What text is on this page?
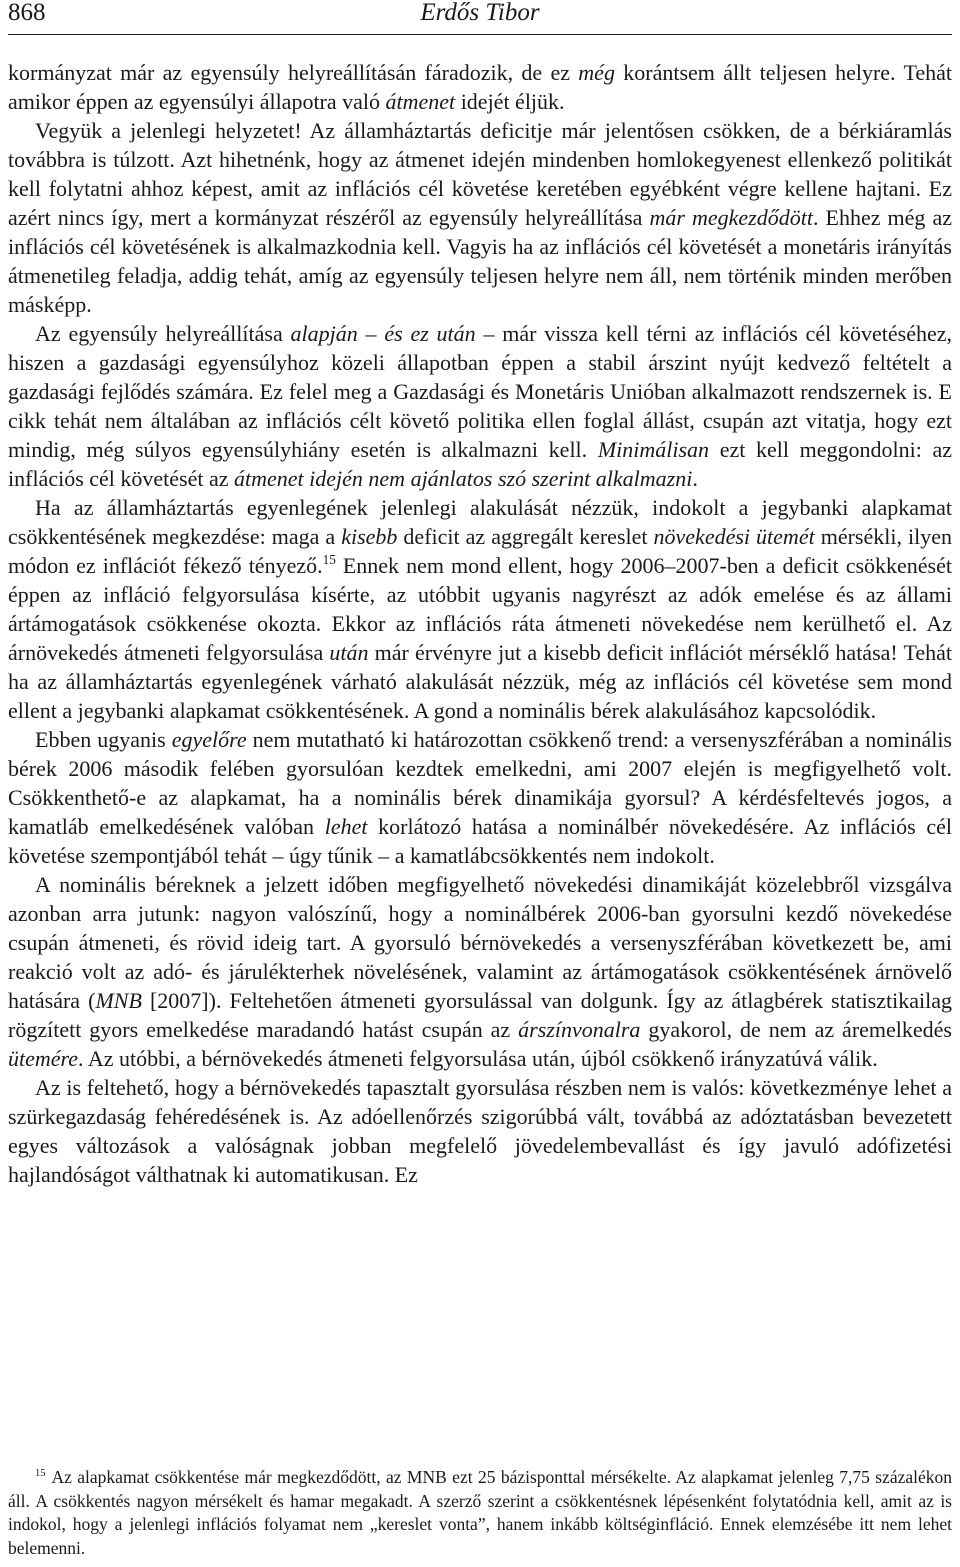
868	Erdős Tibor

kormányzat már az egyensúly helyreállításán fáradozik, de ez még korántsem állt teljesen helyre. Tehát amikor éppen az egyensúlyi állapotra való átmenet idejét éljük.

Vegyük a jelenlegi helyzetet! Az államháztartás deficitje már jelentősen csökken, de a bérkiáramlás továbbra is túlzott. Azt hihetnénk, hogy az átmenet idején mindenben homlokegyenest ellenkező politikát kell folytatni ahhoz képest, amit az inflációs cél követése keretében egyébként végre kellene hajtani. Ez azért nincs így, mert a kormányzat részéről az egyensúly helyreállítása már megkezdődött. Ehhez még az inflációs cél követésének is alkalmazkodnia kell. Vagyis ha az inflációs cél követését a monetáris irányítás átmenetileg feladja, addig tehát, amíg az egyensúly teljesen helyre nem áll, nem történik minden merőben másképp.

Az egyensúly helyreállítása alapján – és ez után – már vissza kell térni az inflációs cél követéséhez, hiszen a gazdasági egyensúlyhoz közeli állapotban éppen a stabil árszint nyújt kedvező feltételt a gazdasági fejlődés számára. Ez felel meg a Gazdasági és Monetáris Unióban alkalmazott rendszernek is. E cikk tehát nem általában az inflációs célt követő politika ellen foglal állást, csupán azt vitatja, hogy ezt mindig, még súlyos egyensúlyhiány esetén is alkalmazni kell. Minimálisan ezt kell meggondolni: az inflációs cél követését az átmenet idején nem ajánlatos szó szerint alkalmazni.

Ha az államháztartás egyenlegének jelenlegi alakulását nézzük, indokolt a jegybanki alapkamat csökkentésének megkezdése: maga a kisebb deficit az aggregált kereslet növekedési ütemét mérsékli, ilyen módon ez inflációt fékező tényező.$^{15}$ Ennek nem mond ellent, hogy 2006–2007-ben a deficit csökkenését éppen az infláció felgyorsulása kísérte, az utóbbit ugyanis nagyrészt az adók emelése és az állami ártámogatások csökkenése okozta. Ekkor az inflációs ráta átmeneti növekedése nem kerülhető el. Az árnövekedés átmeneti felgyorsulása után már érvényre jut a kisebb deficit inflációt mérséklő hatása! Tehát ha az államháztartás egyenlegének várható alakulását nézzük, még az inflációs cél követése sem mond ellent a jegybanki alapkamat csökkentésének. A gond a nominális bérek alakulásához kapcsolódik.

Ebben ugyanis egyelőre nem mutatható ki határozottan csökkenő trend: a versenyszférában a nominális bérek 2006 második felében gyorsulóan kezdtek emelkedni, ami 2007 elején is megfigyelhető volt. Csökkenthető-e az alapkamat, ha a nominális bérek dinamikája gyorsul? A kérdésfeltevés jogos, a kamatláb emelkedésének valóban lehet korlátozó hatása a nominálbér növekedésére. Az inflációs cél követése szempontjából tehát – úgy tűnik – a kamatlábcsökkentés nem indokolt.

A nominális béreknek a jelzett időben megfigyelhető növekedési dinamikáját közelebbről vizsgálva azonban arra jutunk: nagyon valószínű, hogy a nominálbérek 2006-ban gyorsulni kezdő növekedése csupán átmeneti, és rövid ideig tart. A gyorsuló bérnövekedés a versenyszférában következett be, ami reakció volt az adó- és járulékterhek növelésének, valamint az ártámogatások csökkentésének árnövelő hatására (MNB [2007]). Feltehetően átmeneti gyorsulással van dolgunk. Így az átlagbérek statisztikailag rögzített gyors emelkedése maradandó hatást csupán az árszínvonalra gyakorol, de nem az áremelkedés ütemére. Az utóbbi, a bérnövekedés átmeneti felgyorsulása után, újból csökkenő irányzatúvá válik.

Az is feltehető, hogy a bérnövekedés tapasztalt gyorsulása részben nem is valós: következménye lehet a szürkegazdaság fehéredésének is. Az adóellenőrzés szigorúbbá vált, továbbá az adóztatásban bevezetett egyes változások a valóságnak jobban megfelelő jövedelembevallást és így javuló adófizetési hajlandóságot válthatnak ki automatikusan. Ez

$^{15}$ Az alapkamat csökkentése már megkezdődött, az MNB ezt 25 bázisponttal mérsékelte. Az alapkamat jelenleg 7,75 százalékon áll. A csökkentés nagyon mérsékelt és hamar megakadt. A szerző szerint a csökkentésnek lépésenként folytatódnia kell, amit az is indokol, hogy a jelenlegi inflációs folyamat nem „kereslet vonta”, hanem inkább költséginfláció. Ennek elemzésébe itt nem lehet belemenni.
